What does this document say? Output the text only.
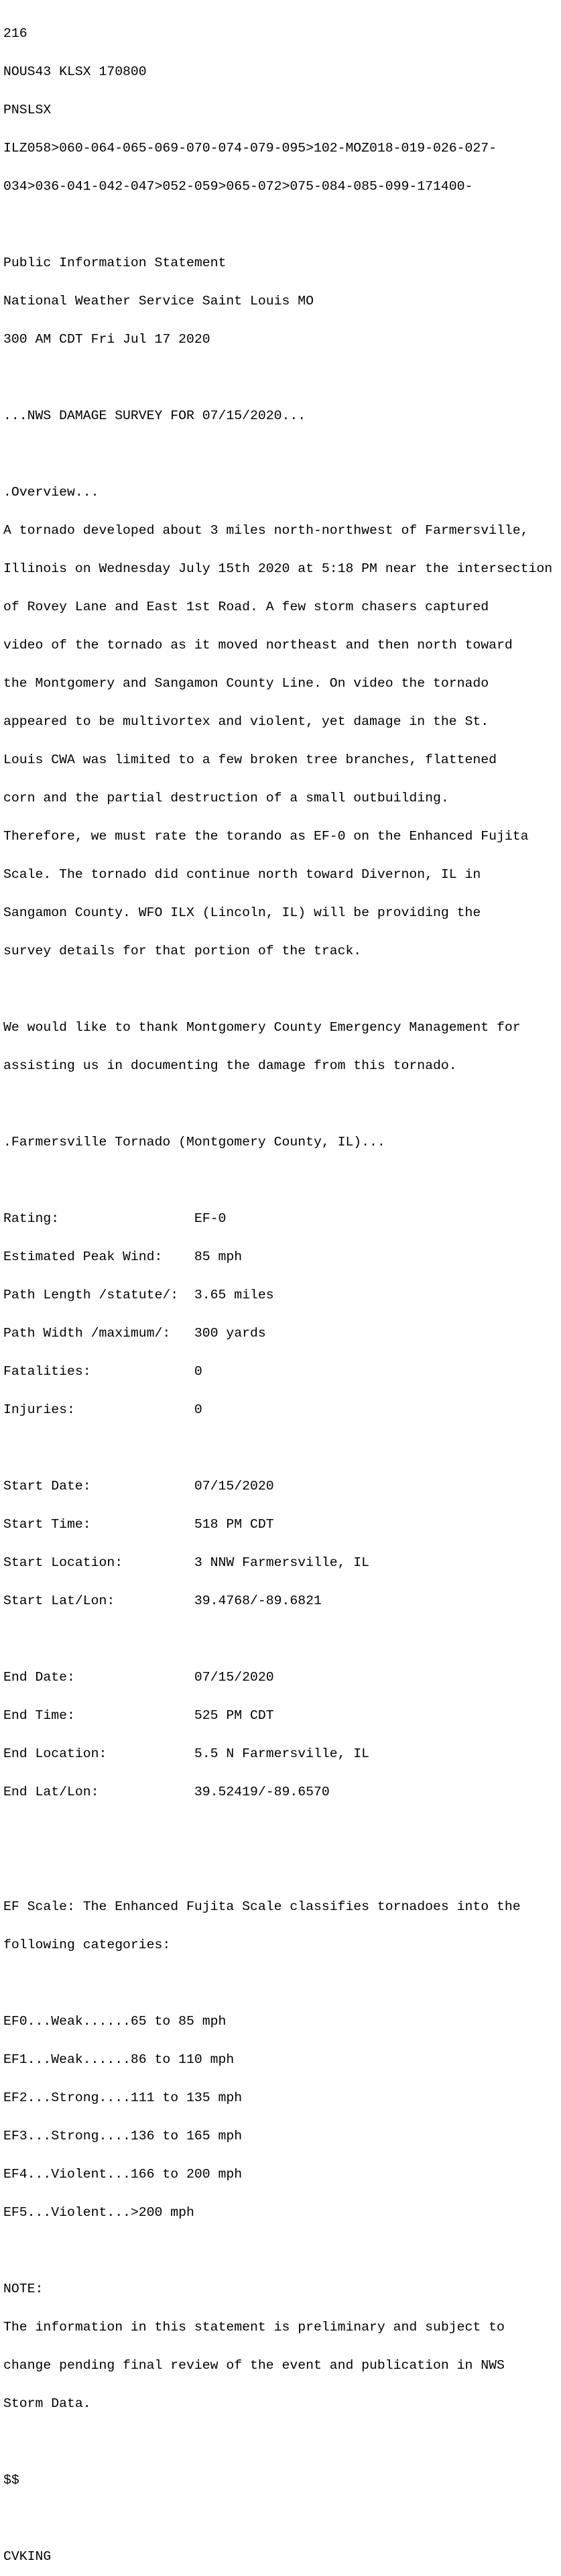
216

NOUS43 KLSX 170800

PNSLSX

ILZ058>060-064-065-069-070-074-079-095>102-MOZ018-019-026-027-

034>036-041-042-047>052-059>065-072>075-084-085-099-171400-

Public Information Statement

National Weather Service Saint Louis MO

300 AM CDT Fri Jul 17 2020

...NWS DAMAGE SURVEY FOR 07/15/2020...

.Overview...

A tornado developed about 3 miles north-northwest of Farmersville,

Illinois on Wednesday July 15th 2020 at 5:18 PM near the intersection

of Rovey Lane and East 1st Road. A few storm chasers captured

video of the tornado as it moved northeast and then north toward

the Montgomery and Sangamon County Line. On video the tornado

appeared to be multivortex and violent, yet damage in the St.

Louis CWA was limited to a few broken tree branches, flattened

corn and the partial destruction of a small outbuilding.

Therefore, we must rate the torando as EF-0 on the Enhanced Fujita

Scale. The tornado did continue north toward Divernon, IL in

Sangamon County. WFO ILX (Lincoln, IL) will be providing the

survey details for that portion of the track.

We would like to thank Montgomery County Emergency Management for

assisting us in documenting the damage from this tornado.

.Farmersville Tornado (Montgomery County, IL)...

Rating:                 EF-0

Estimated Peak Wind:    85 mph

Path Length /statute/:  3.65 miles

Path Width /maximum/:   300 yards

Fatalities:             0

Injuries:               0

Start Date:             07/15/2020

Start Time:             518 PM CDT

Start Location:         3 NNW Farmersville, IL

Start Lat/Lon:          39.4768/-89.6821

End Date:               07/15/2020

End Time:               525 PM CDT

End Location:           5.5 N Farmersville, IL

End Lat/Lon:            39.52419/-89.6570

EF Scale: The Enhanced Fujita Scale classifies tornadoes into the

following categories:

EF0...Weak......65 to 85 mph

EF1...Weak......86 to 110 mph

EF2...Strong....111 to 135 mph

EF3...Strong....136 to 165 mph

EF4...Violent...166 to 200 mph

EF5...Violent...>200 mph

NOTE:

The information in this statement is preliminary and subject to

change pending final review of the event and publication in NWS

Storm Data.

$$

CVKING
